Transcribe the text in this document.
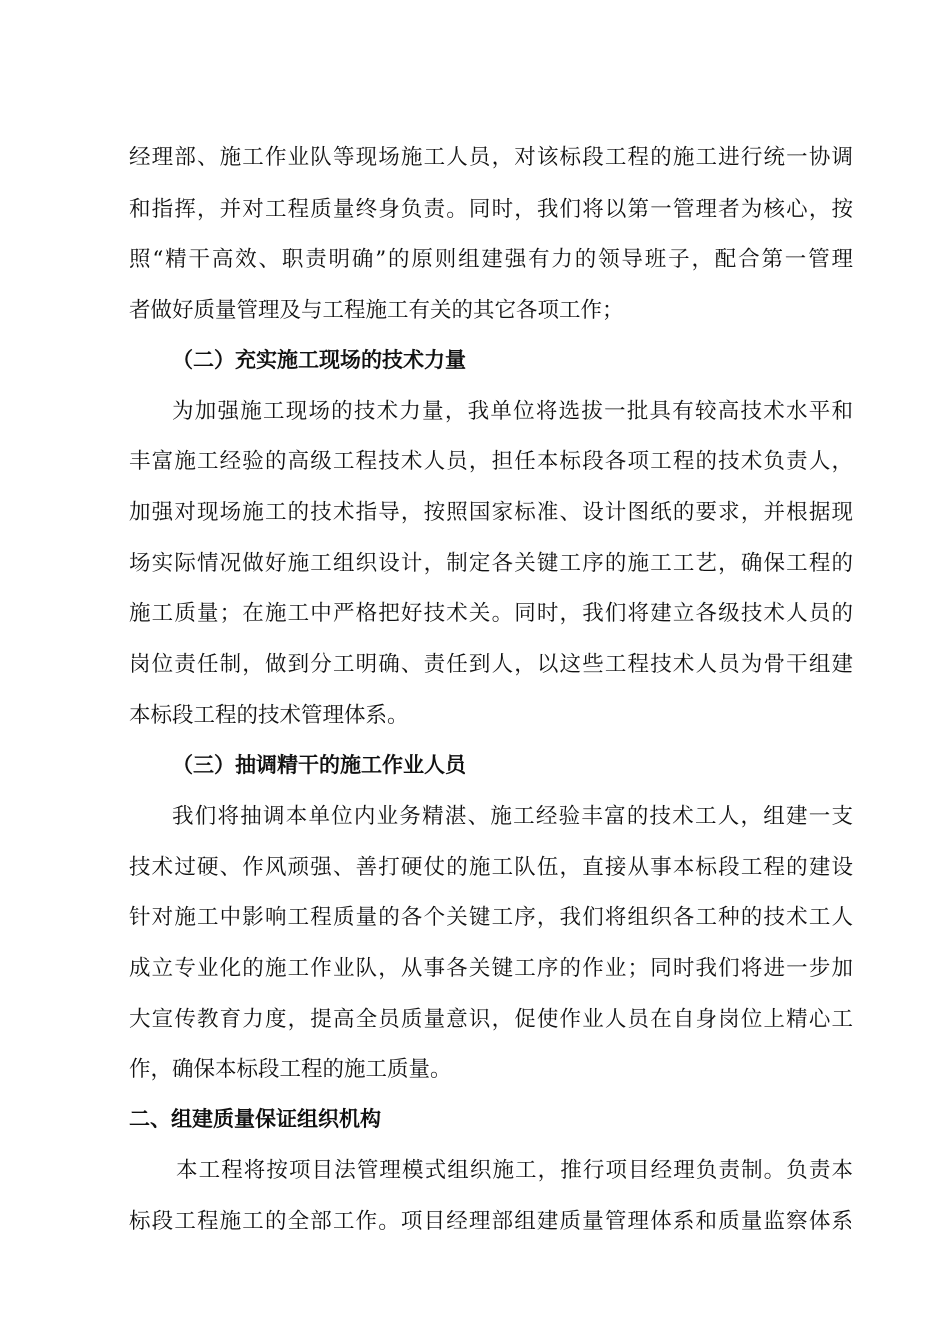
经理部、施工作业队等现场施工人员，对该标段工程的施工进行统一协调
和指挥，并对工程质量终身负责。同时，我们将以第一管理者为核心，按
照“精干高效、职责明确”的原则组建强有力的领导班子，配合第一管理
者做好质量管理及与工程施工有关的其它各项工作；
（二）充实施工现场的技术力量
为加强施工现场的技术力量，我单位将选拔一批具有较高技术水平和
丰富施工经验的高级工程技术人员，担任本标段各项工程的技术负责人，
加强对现场施工的技术指导，按照国家标准、设计图纸的要求，并根据现
场实际情况做好施工组织设计，制定各关键工序的施工工艺，确保工程的
施工质量；在施工中严格把好技术关。同时，我们将建立各级技术人员的
岗位责任制，做到分工明确、责任到人，以这些工程技术人员为骨干组建
本标段工程的技术管理体系。
（三）抽调精干的施工作业人员
我们将抽调本单位内业务精湛、施工经验丰富的技术工人，组建一支
技术过硬、作风顽强、善打硬仗的施工队伍，直接从事本标段工程的建设
针对施工中影响工程质量的各个关键工序，我们将组织各工种的技术工人
成立专业化的施工作业队，从事各关键工序的作业；同时我们将进一步加
大宣传教育力度，提高全员质量意识，促使作业人员在自身岗位上精心工
作，确保本标段工程的施工质量。
二、组建质量保证组织机构
本工程将按项目法管理模式组织施工，推行项目经理负责制。负责本
标段工程施工的全部工作。项目经理部组建质量管理体系和质量监察体系
